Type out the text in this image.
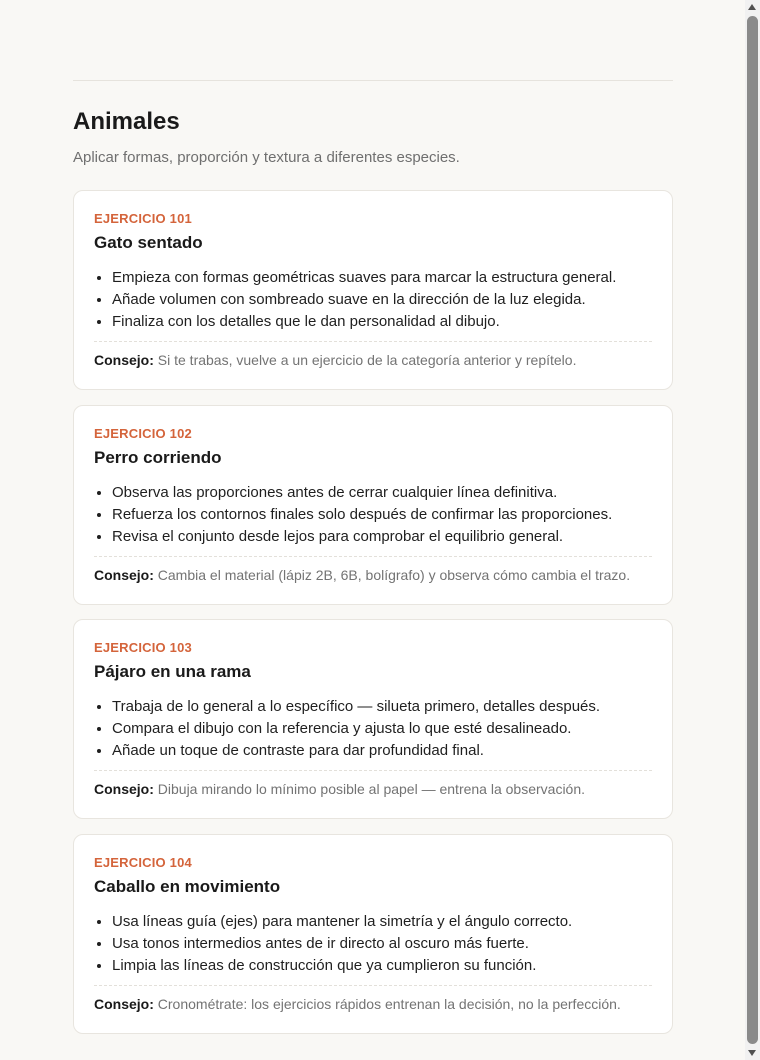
Animales

Aplicar formas, proporción y textura a diferentes especies.

EJERCICIO 101
Gato sentado
• Empieza con formas geométricas suaves para marcar la estructura general.
• Añade volumen con sombreado suave en la dirección de la luz elegida.
• Finaliza con los detalles que le dan personalidad al dibujo.
Consejo: Si te trabas, vuelve a un ejercicio de la categoría anterior y repítelo.
EJERCICIO 102
Perro corriendo
• Observa las proporciones antes de cerrar cualquier línea definitiva.
• Refuerza los contornos finales solo después de confirmar las proporciones.
• Revisa el conjunto desde lejos para comprobar el equilibrio general.
Consejo: Cambia el material (lápiz 2B, 6B, bolígrafo) y observa cómo cambia el trazo.
EJERCICIO 103
Pájaro en una rama
• Trabaja de lo general a lo específico — silueta primero, detalles después.
• Compara el dibujo con la referencia y ajusta lo que esté desalineado.
• Añade un toque de contraste para dar profundidad final.
Consejo: Dibuja mirando lo mínimo posible al papel — entrena la observación.
EJERCICIO 104
Caballo en movimiento
• Usa líneas guía (ejes) para mantener la simetría y el ángulo correcto.
• Usa tonos intermedios antes de ir directo al oscuro más fuerte.
• Limpia las líneas de construcción que ya cumplieron su función.
Consejo: Cronométrate: los ejercicios rápidos entrenan la decisión, no la perfección.
